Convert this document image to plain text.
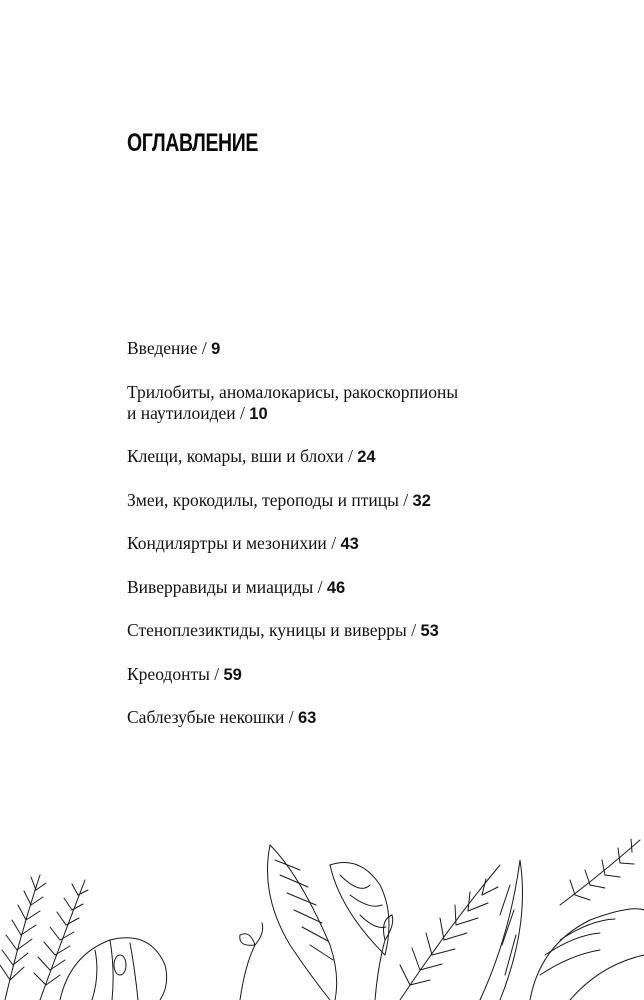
ОГЛАВЛЕНИЕ
Введение / 9
Трилобиты, аномалокарисы, ракоскорпионы
и наутилоидеи / 10
Клещи, комары, вши и блохи / 24
Змеи, крокодилы, тероподы и птицы / 32
Кондиляртры и мезонихии / 43
Виверравиды и миациды / 46
Стеноплезиктиды, куницы и виверры / 53
Креодонты / 59
Саблезубые некошки / 63
